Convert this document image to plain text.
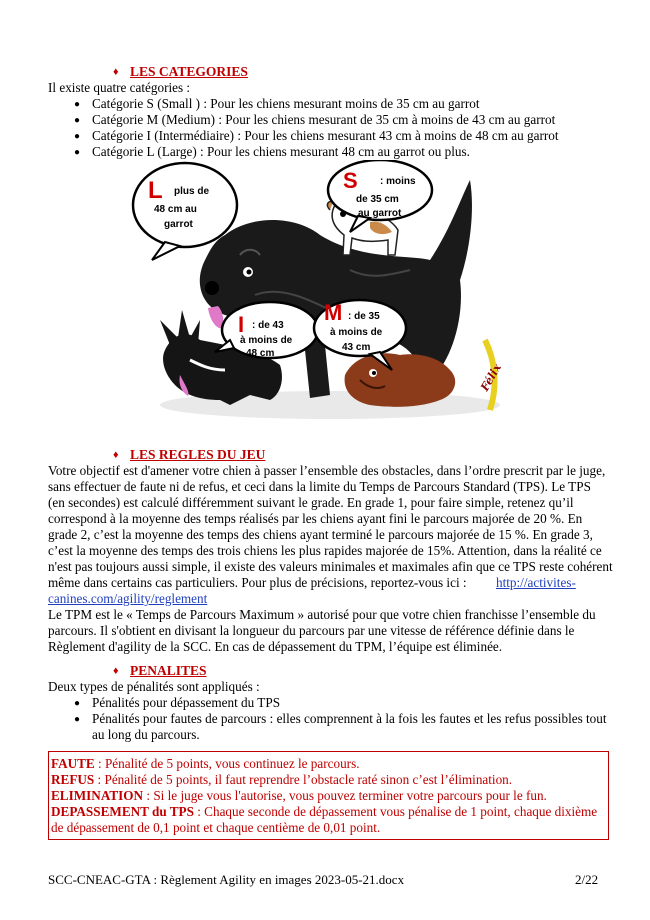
♦ LES CATEGORIES
Il existe quatre catégories :
● Catégorie S (Small ) : Pour les chiens mesurant moins de 35 cm au garrot
● Catégorie M (Medium) : Pour les chiens mesurant de 35 cm à moins de 43 cm au garrot
● Catégorie I (Intermédiaire) : Pour les chiens mesurant 43 cm à moins de 48 cm au garrot
● Catégorie L (Large) : Pour les chiens mesurant 48 cm au garrot ou plus.
L plus de
48 cm au
garrot
S : moins
de 35 cm
au garrot
I : de 43
à moins de
48 cm
M : de 35
à moins de
43 cm
Félix
♦ LES REGLES DU JEU
Votre objectif est d'amener votre chien à passer l’ensemble des obstacles, dans l’ordre prescrit par le juge,
sans effectuer de faute ni de refus, et ceci dans la limite du Temps de Parcours Standard (TPS). Le TPS
(en secondes) est calculé différemment suivant le grade. En grade 1, pour faire simple, retenez qu’il
correspond à la moyenne des temps réalisés par les chiens ayant fini le parcours majorée de 20 %. En
grade 2, c’est la moyenne des temps des chiens ayant terminé le parcours majorée de 15 %. En grade 3,
c’est la moyenne des temps des trois chiens les plus rapides majorée de 15%. Attention, dans la réalité ce
n'est pas toujours aussi simple, il existe des valeurs minimales et maximales afin que ce TPS reste cohérent
même dans certains cas particuliers. Pour plus de précisions, reportez-vous ici : http://activites-
canines.com/agility/reglement
Le TPM est le « Temps de Parcours Maximum » autorisé pour que votre chien franchisse l’ensemble du
parcours. Il s'obtient en divisant la longueur du parcours par une vitesse de référence définie dans le
Règlement d'agility de la SCC. En cas de dépassement du TPM, l’équipe est éliminée.
♦ PENALITES
Deux types de pénalités sont appliqués :
● Pénalités pour dépassement du TPS
● Pénalités pour fautes de parcours : elles comprennent à la fois les fautes et les refus possibles tout
au long du parcours.
FAUTE : Pénalité de 5 points, vous continuez le parcours.
REFUS : Pénalité de 5 points, il faut reprendre l’obstacle raté sinon c’est l’élimination.
ELIMINATION : Si le juge vous l'autorise, vous pouvez terminer votre parcours pour le fun.
DEPASSEMENT du TPS : Chaque seconde de dépassement vous pénalise de 1 point, chaque dixième
de dépassement de 0,1 point et chaque centième de 0,01 point.
SCC-CNEAC-GTA : Règlement Agility en images 2023-05-21.docx	2/22
